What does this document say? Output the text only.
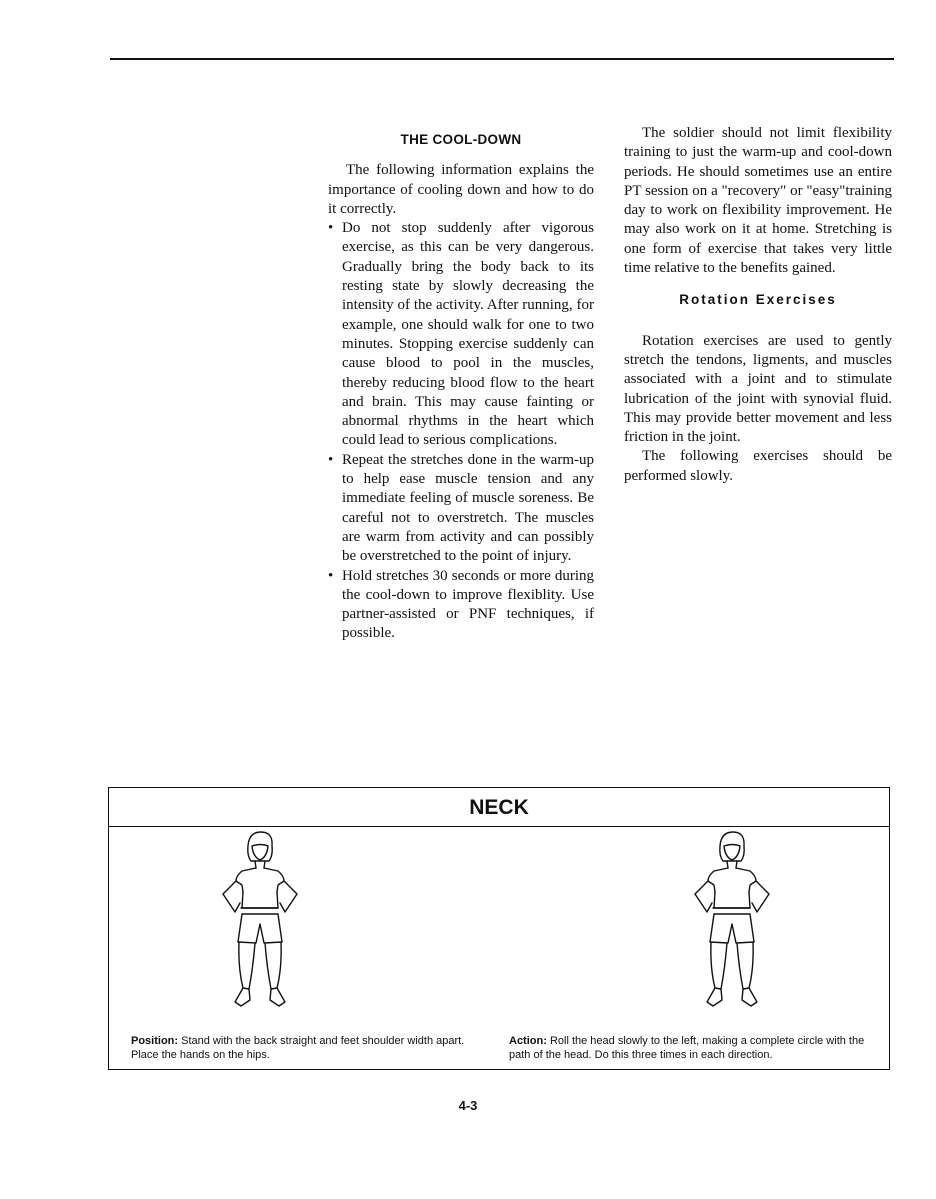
THE COOL-DOWN

The following information explains the importance of cooling down and how to do it correctly.

• Do not stop suddenly after vigorous exercise, as this can be very dangerous. Gradually bring the body back to its resting state by slowly decreasing the intensity of the activity. After running, for example, one should walk for one to two minutes. Stopping exercise suddenly can cause blood to pool in the muscles, thereby reducing blood flow to the heart and brain. This may cause fainting or abnormal rhythms in the heart which could lead to serious complications.
• Repeat the stretches done in the warm-up to help ease muscle tension and any immediate feeling of muscle soreness. Be careful not to overstretch. The muscles are warm from activity and can possibly be overstretched to the point of injury.
• Hold stretches 30 seconds or more during the cool-down to improve flexiblity. Use partner-assisted or PNF techniques, if possible.

The soldier should not limit flexibility training to just the warm-up and cool-down periods. He should sometimes use an entire PT session on a "recovery" or "easy"training day to work on flexibility improvement. He may also work on it at home. Stretching is one form of exercise that takes very little time relative to the benefits gained.

Rotation Exercises

Rotation exercises are used to gently stretch the tendons, ligments, and muscles associated with a joint and to stimulate lubrication of the joint with synovial fluid. This may provide better movement and less friction in the joint.

The following exercises should be performed slowly.

NECK
Position: Stand with the back straight and feet shoulder width apart. Place the hands on the hips.
Action: Roll the head slowly to the left, making a complete circle with the path of the head. Do this three times in each direction.
4-3
